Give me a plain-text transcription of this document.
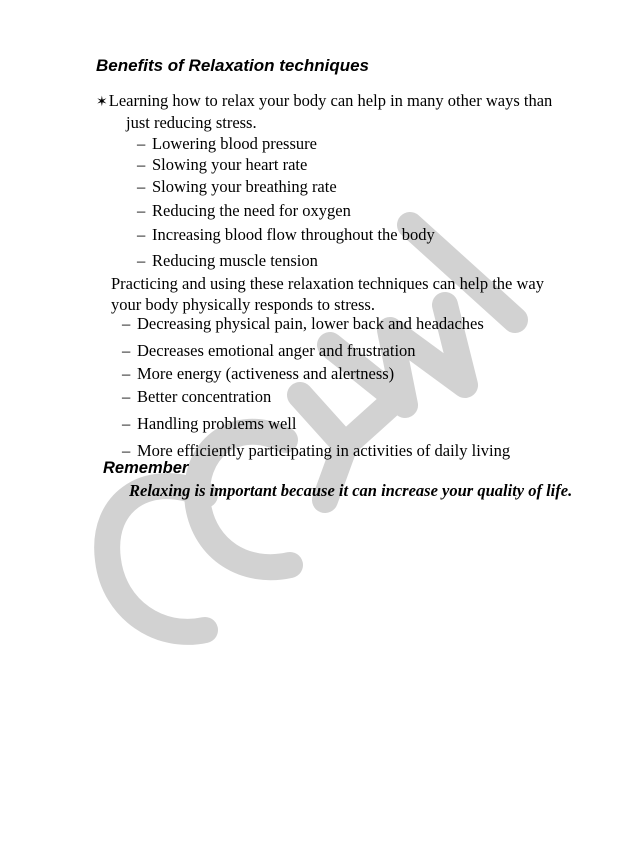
Benefits of Relaxation techniques
✶Learning how to relax your body can help in many other ways than
just reducing stress.
– Lowering blood pressure
– Slowing your heart rate
– Slowing your breathing rate
– Reducing the need for oxygen
– Increasing blood flow throughout the body
– Reducing muscle tension
Practicing and using these relaxation techniques can help the way
your body physically responds to stress.
– Decreasing physical pain, lower back and headaches
– Decreases emotional anger and frustration
– More energy (activeness and alertness)
– Better concentration
– Handling problems well
– More efficiently participating in activities of daily living
Remember
Relaxing is important because it can increase your quality of life.
